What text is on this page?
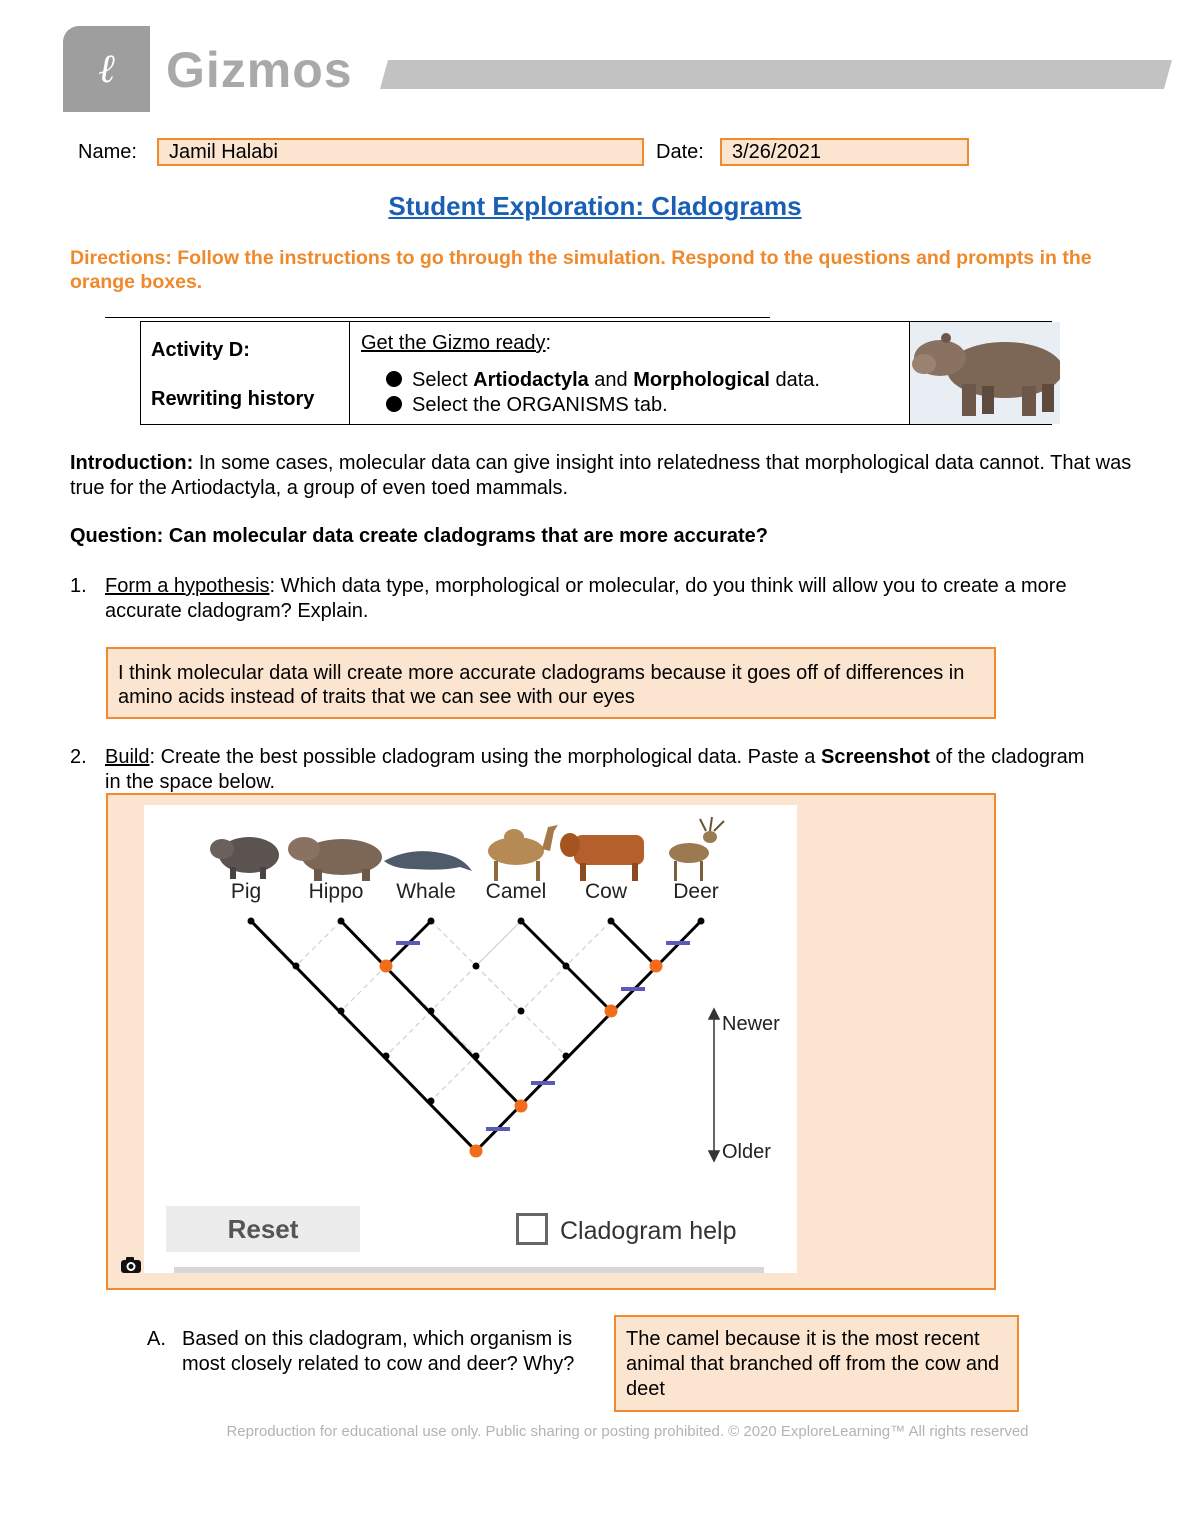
ℓ	Gizmos
Name:	Jamil Halabi	Date:	3/26/2021
Student Exploration: Cladograms
Directions: Follow the instructions to go through the simulation. Respond to the questions and prompts in the orange boxes.
Activity D:
Rewriting history
Get the Gizmo ready:
Select Artiodactyla and Morphological data.
Select the ORGANISMS tab.
Introduction: In some cases, molecular data can give insight into relatedness that morphological data cannot. That was true for the Artiodactyla, a group of even toed mammals.
Question: Can molecular data create cladograms that are more accurate?
1. Form a hypothesis: Which data type, morphological or molecular, do you think will allow you to create a more accurate cladogram? Explain.
I think molecular data will create more accurate cladograms because it goes off of differences in amino acids instead of traits that we can see with our eyes
2. Build: Create the best possible cladogram using the morphological data. Paste a Screenshot of the cladogram in the space below.
Pig	Hippo	Whale	Camel	Cow	Deer
Newer
Older
Reset	Cladogram help
A. Based on this cladogram, which organism is most closely related to cow and deer? Why?
The camel because it is the most recent animal that branched off from the cow and deet
Reproduction for educational use only. Public sharing or posting prohibited. © 2020 ExploreLearning™ All rights reserved
